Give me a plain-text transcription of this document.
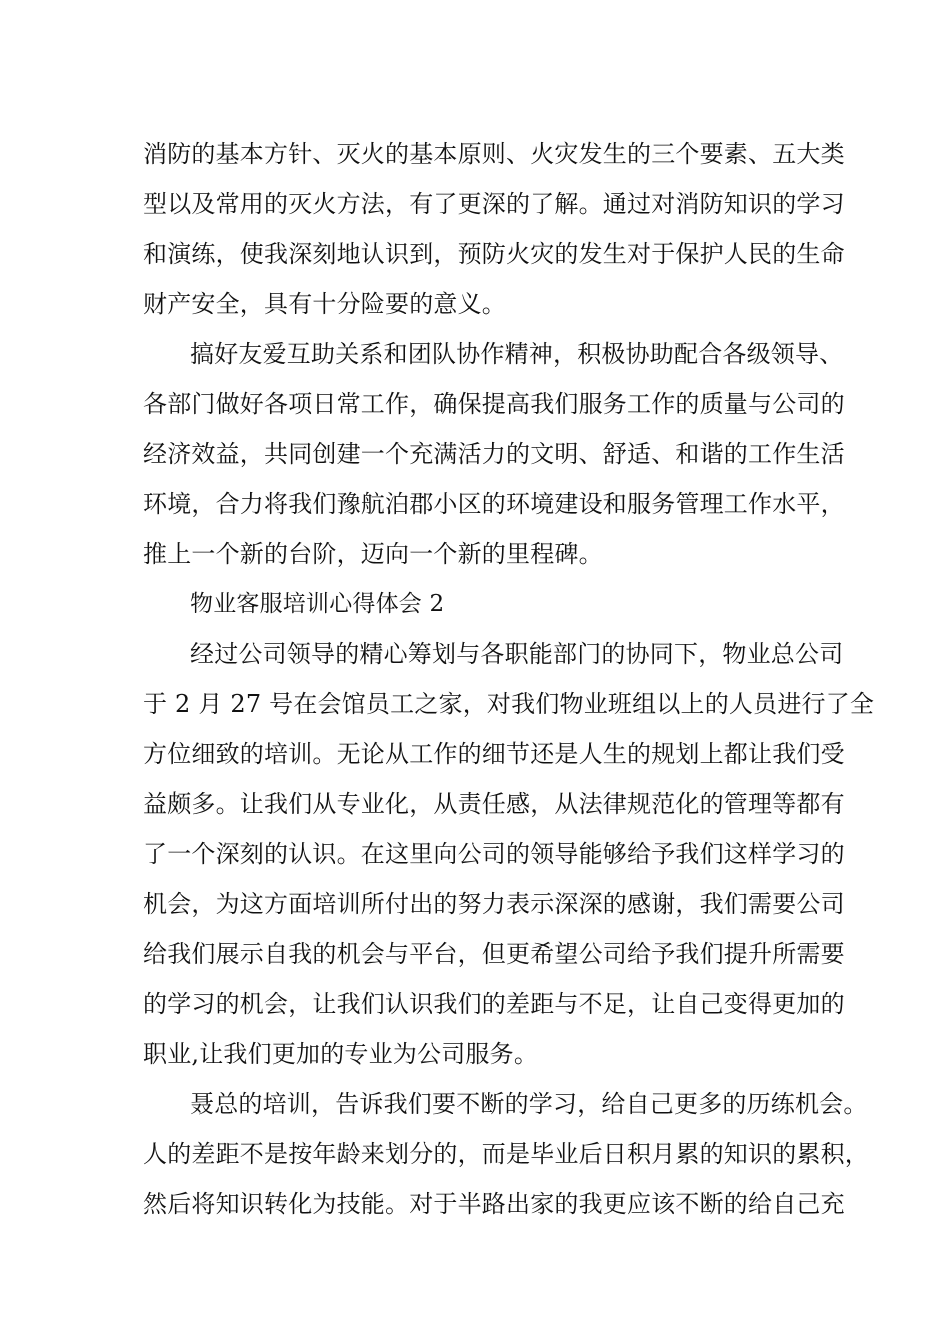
消防的基本方针、灭火的基本原则、火灾发生的三个要素、五大类
型以及常用的灭火方法，有了更深的了解。通过对消防知识的学习
和演练，使我深刻地认识到，预防火灾的发生对于保护人民的生命
财产安全，具有十分险要的意义。
搞好友爱互助关系和团队协作精神，积极协助配合各级领导、
各部门做好各项日常工作，确保提高我们服务工作的质量与公司的
经济效益，共同创建一个充满活力的文明、舒适、和谐的工作生活
环境，合力将我们豫航泊郡小区的环境建设和服务管理工作水平，
推上一个新的台阶，迈向一个新的里程碑。
物业客服培训心得体会 2
经过公司领导的精心筹划与各职能部门的协同下，物业总公司
于 2 月 27 号在会馆员工之家，对我们物业班组以上的人员进行了全
方位细致的培训。无论从工作的细节还是人生的规划上都让我们受
益颇多。让我们从专业化，从责任感，从法律规范化的管理等都有
了一个深刻的认识。在这里向公司的领导能够给予我们这样学习的
机会，为这方面培训所付出的努力表示深深的感谢，我们需要公司
给我们展示自我的机会与平台，但更希望公司给予我们提升所需要
的学习的机会，让我们认识我们的差距与不足，让自己变得更加的
职业,让我们更加的专业为公司服务。
聂总的培训，告诉我们要不断的学习，给自己更多的历练机会。
人的差距不是按年龄来划分的，而是毕业后日积月累的知识的累积，
然后将知识转化为技能。对于半路出家的我更应该不断的给自己充
